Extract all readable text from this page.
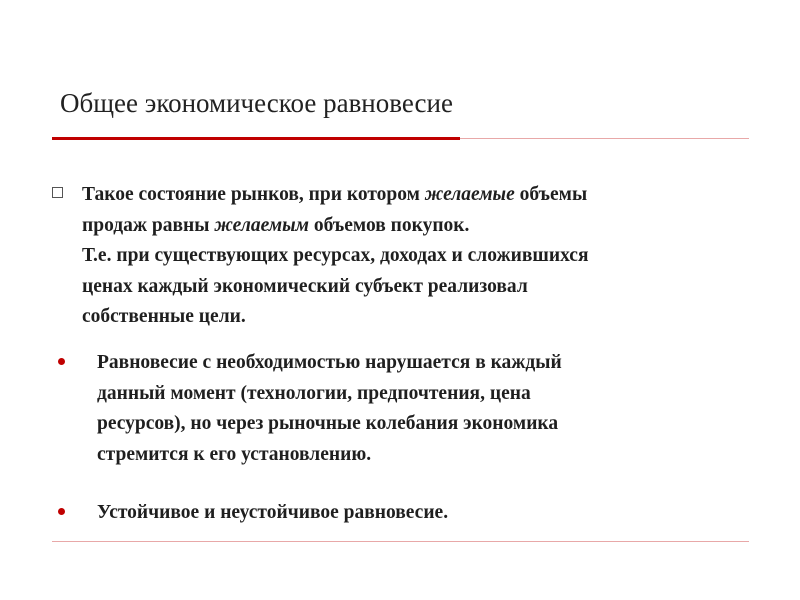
Общее экономическое равновесие
Такое состояние рынков, при котором желаемые объемы
продаж равны желаемым объемов покупок.
Т.е. при существующих ресурсах, доходах и сложившихся
ценах каждый экономический субъект реализовал
собственные цели.
Равновесие с необходимостью нарушается в каждый
данный момент (технологии, предпочтения, цена
ресурсов), но через рыночные колебания экономика
стремится к его установлению.
Устойчивое и неустойчивое равновесие.
